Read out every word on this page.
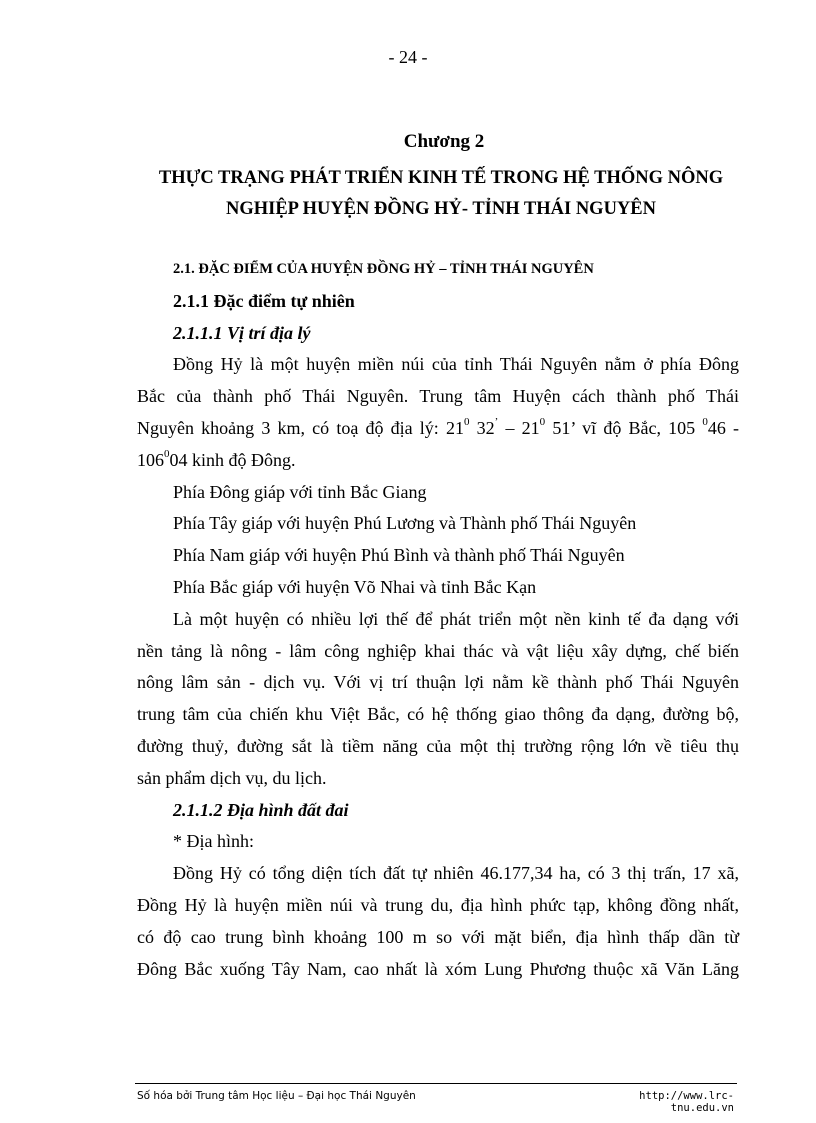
- 24 -
Chương 2
THỰC TRẠNG PHÁT TRIỂN KINH TẾ TRONG HỆ THỐNG NÔNG
NGHIỆP HUYỆN ĐỒNG HỶ- TỈNH THÁI NGUYÊN
2.1. ĐẶC ĐIỂM CỦA HUYỆN ĐỒNG HỶ – TỈNH THÁI NGUYÊN
2.1.1 Đặc điểm tự nhiên
2.1.1.1 Vị trí địa lý
Đồng Hỷ là một huyện miền núi của tỉnh Thái Nguyên nằm ở phía Đông
Bắc của thành phố Thái Nguyên. Trung tâm Huyện cách thành phố Thái
Nguyên khoảng 3 km, có toạ độ địa lý: $21^0$ $32^’ - 21^0$ 51’ vĩ độ Bắc, 105 $^0$46 -
$106^004$ kinh độ Đông.
Phía Đông giáp với tỉnh Bắc Giang
Phía Tây giáp với huyện Phú Lương và Thành phố Thái Nguyên
Phía Nam giáp với huyện Phú Bình và thành phố Thái Nguyên
Phía Bắc giáp với huyện Võ Nhai và tỉnh Bắc Kạn
Là một huyện có nhiều lợi thế để phát triển một nền kinh tế đa dạng với
nền tảng là nông - lâm công nghiệp khai thác và vật liệu xây dựng, chế biến
nông lâm sản - dịch vụ. Với vị trí thuận lợi nằm kề thành phố Thái Nguyên
trung tâm của chiến khu Việt Bắc, có hệ thống giao thông đa dạng, đường bộ,
đường thuỷ, đường sắt là tiềm năng của một thị trường rộng lớn về tiêu thụ
sản phẩm dịch vụ, du lịch.
2.1.1.2 Địa hình đất đai
* Địa hình:
Đồng Hỷ có tổng diện tích đất tự nhiên 46.177,34 ha, có 3 thị trấn, 17 xã,
Đồng Hỷ là huyện miền núi và trung du, địa hình phức tạp, không đồng nhất,
có độ cao trung bình khoảng 100 m so với mặt biển, địa hình thấp dần từ
Đông Bắc xuống Tây Nam, cao nhất là xóm Lung Phương thuộc xã Văn Lăng
Số hóa bởi Trung tâm Học liệu – Đại học Thái Nguyên	http://www.lrc-tnu.edu.vn
